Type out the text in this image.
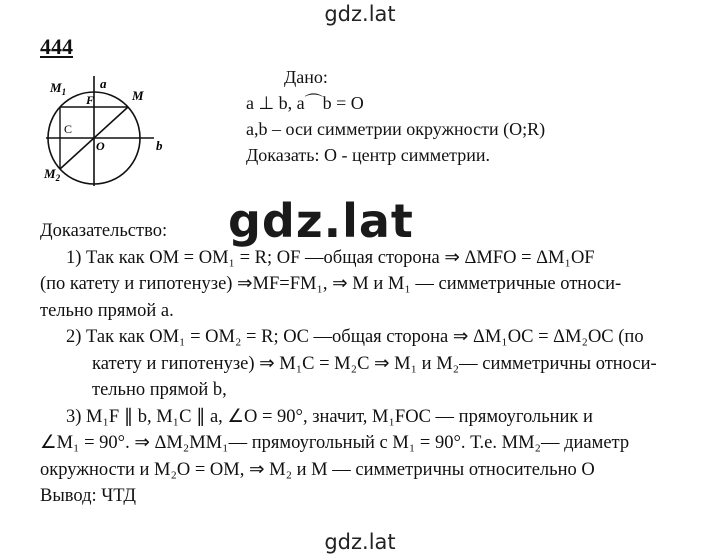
gdz.lat
444
$M_1$
a
F	M
C
O	b
$M_2$
Дано:
a ⊥ b, a⌒b = O
a,b – оси симметрии окружности (O;R)
Доказать: O - центр симметрии.
Доказательство:
1) Так как OM = OM₁ = R; OF —общая сторона ⇒ ΔMFO = ΔM₁OF
(по катету и гипотенузе) ⇒MF=FM₁, ⇒ M и M₁ — симметричные относи-
тельно прямой a.
2) Так как OM₁ = OM₂ = R; OC —общая сторона ⇒ ΔM₁OC = ΔM₂OC (по
катету и гипотенузе) ⇒ M₁C = M₂C ⇒ M₁ и M₂— симметричны относи-
тельно прямой b,
3) M₁F ∥ b, M₁C ∥ a, ∠O = 90°, значит, M₁FOC — прямоугольник и
∠M₁ = 90°. ⇒ ΔM₂MM₁— прямоугольный с M₁ = 90°. Т.е. MM₂— диаметр
окружности и M₂O = OM, ⇒ M₂ и M — симметричны относительно O
Вывод: ЧТД
gdz.lat
gdz.lat
